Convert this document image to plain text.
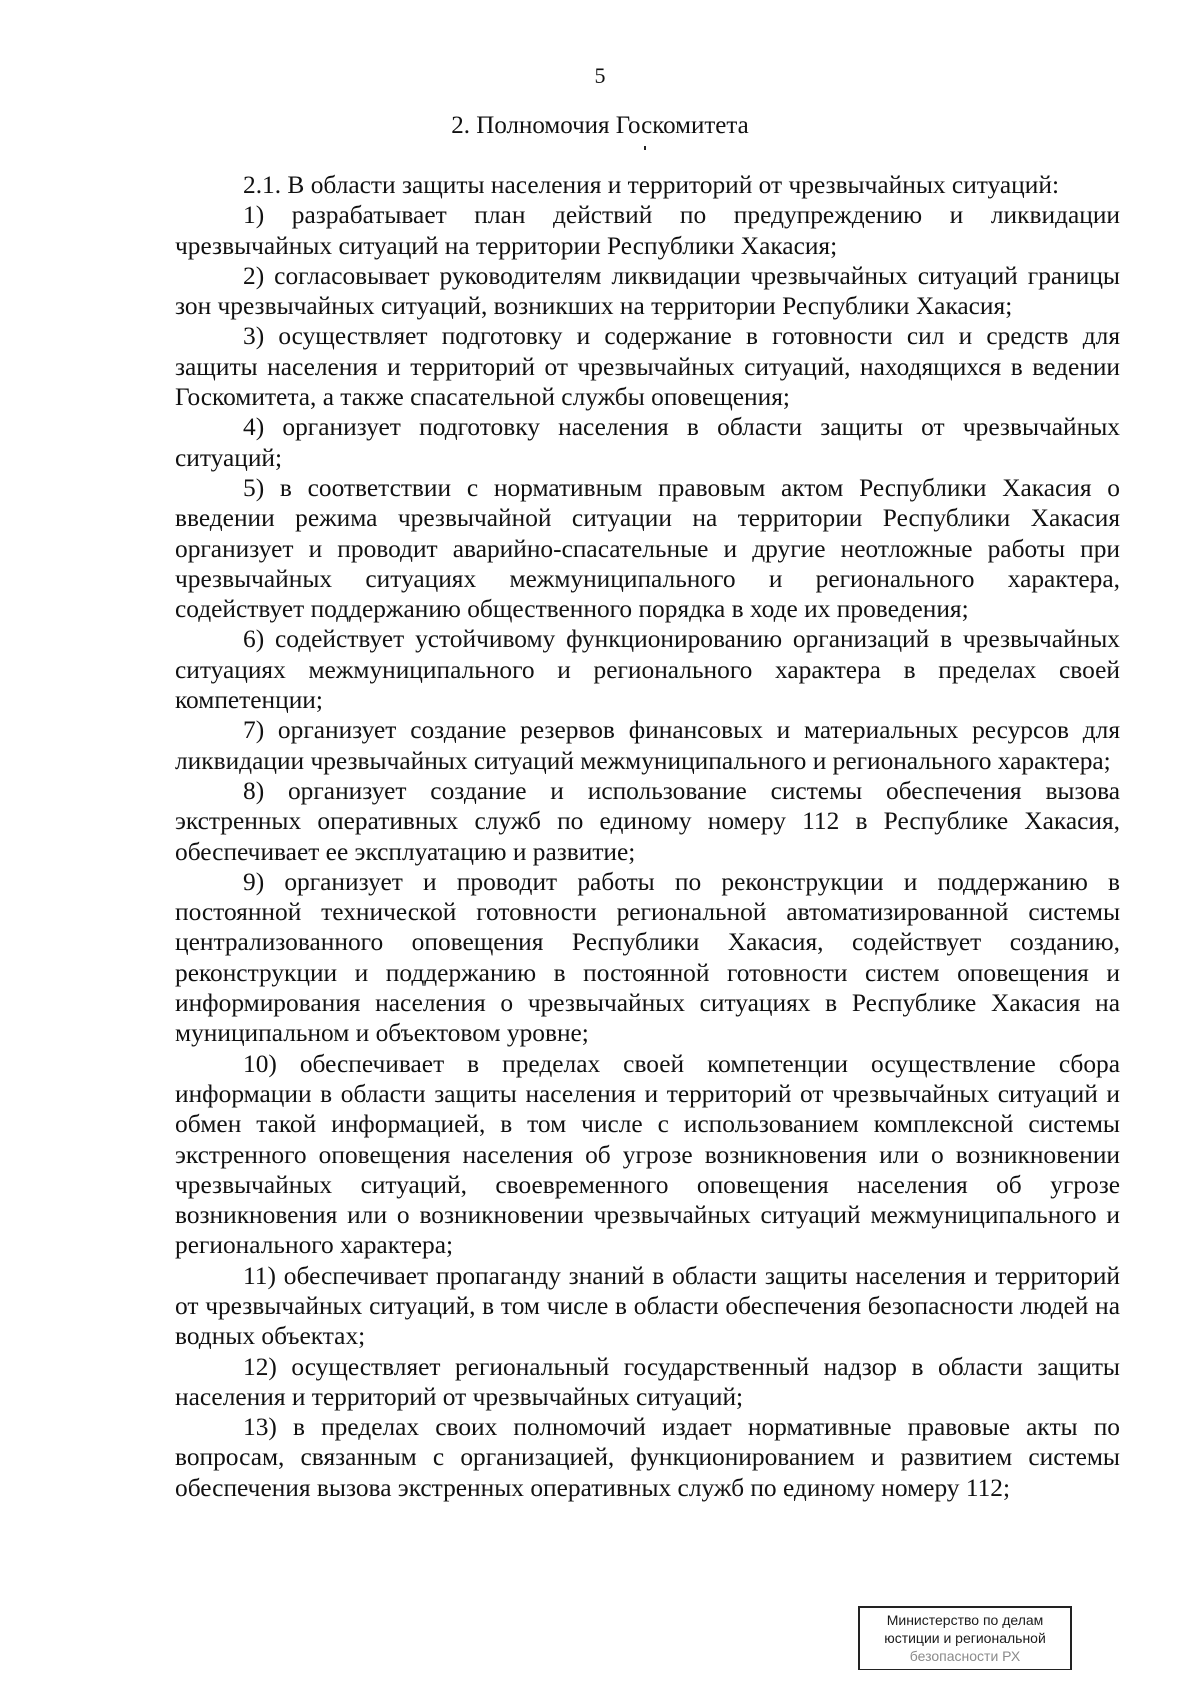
5
2. Полномочия Госкомитета

2.1. В области защиты населения и территорий от чрезвычайных ситуаций:

1) разрабатывает план действий по предупреждению и ликвидации чрезвычайных ситуаций на территории Республики Хакасия;

2) согласовывает руководителям ликвидации чрезвычайных ситуаций границы зон чрезвычайных ситуаций, возникших на территории Республики Хакасия;

3) осуществляет подготовку и содержание в готовности сил и средств для защиты населения и территорий от чрезвычайных ситуаций, находящихся в ведении Госкомитета, а также спасательной службы оповещения;

4) организует подготовку населения в области защиты от чрезвычайных ситуаций;

5) в соответствии с нормативным правовым актом Республики Хакасия о введении режима чрезвычайной ситуации на территории Республики Хакасия организует и проводит аварийно-спасательные и другие неотложные работы при чрезвычайных ситуациях межмуниципального и регионального характера, содействует поддержанию общественного порядка в ходе их проведения;

6) содействует устойчивому функционированию организаций в чрезвычайных ситуациях межмуниципального и регионального характера в пределах своей компетенции;

7) организует создание резервов финансовых и материальных ресурсов для ликвидации чрезвычайных ситуаций межмуниципального и регионального характера;

8) организует создание и использование системы обеспечения вызова экстренных оперативных служб по единому номеру 112 в Республике Хакасия, обеспечивает ее эксплуатацию и развитие;

9) организует и проводит работы по реконструкции и поддержанию в постоянной технической готовности региональной автоматизированной системы централизованного оповещения Республики Хакасия, содействует созданию, реконструкции и поддержанию в постоянной готовности систем оповещения и информирования населения о чрезвычайных ситуациях в Республике Хакасия на муниципальном и объектовом уровне;

10) обеспечивает в пределах своей компетенции осуществление сбора информации в области защиты населения и территорий от чрезвычайных ситуаций и обмен такой информацией, в том числе с использованием комплексной системы экстренного оповещения населения об угрозе возникновения или о возникновении чрезвычайных ситуаций, своевременного оповещения населения об угрозе возникновения или о возникновении чрезвычайных ситуаций межмуниципального и регионального характера;

11) обеспечивает пропаганду знаний в области защиты населения и территорий от чрезвычайных ситуаций, в том числе в области обеспечения безопасности людей на водных объектах;

12) осуществляет региональный государственный надзор в области защиты населения и территорий от чрезвычайных ситуаций;

13) в пределах своих полномочий издает нормативные правовые акты по вопросам, связанным с организацией, функционированием и развитием системы обеспечения вызова экстренных оперативных служб по единому номеру 112;

Министерство по делам
юстиции и региональной
безопасности РХ
